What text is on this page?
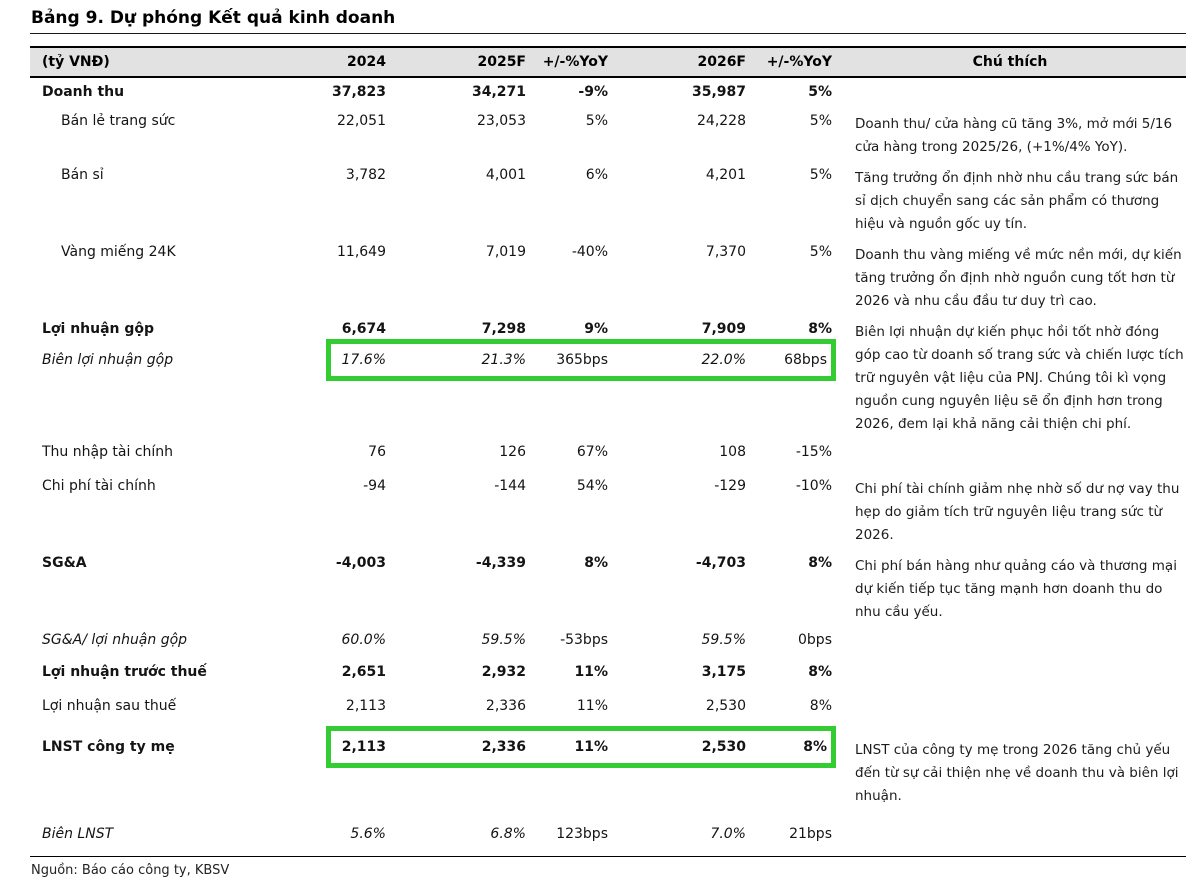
Bảng 9. Dự phóng Kết quả kinh doanh
(tỷ VNĐ)	2024	2025F	+/-%YoY	2026F	+/-%YoY	Chú thích
Doanh thu	37,823	34,271	-9%	35,987	5%	
Bán lẻ trang sức	22,051	23,053	5%	24,228	5%	Doanh thu/ cửa hàng cũ tăng 3%, mở mới 5/16 cửa hàng trong 2025/26, (+1%/4% YoY).
Bán sỉ	3,782	4,001	6%	4,201	5%	Tăng trưởng ổn định nhờ nhu cầu trang sức bán sỉ dịch chuyển sang các sản phẩm có thương hiệu và nguồn gốc uy tín.
Vàng miếng 24K	11,649	7,019	-40%	7,370	5%	Doanh thu vàng miếng về mức nền mới, dự kiến tăng trưởng ổn định nhờ nguồn cung tốt hơn từ 2026 và nhu cầu đầu tư duy trì cao.
Lợi nhuận gộp	6,674	7,298	9%	7,909	8%	Biên lợi nhuận dự kiến phục hồi tốt nhờ đóng góp cao từ doanh số trang sức và chiến lược tích trữ nguyên vật liệu của PNJ. Chúng tôi kì vọng nguồn cung nguyên liệu sẽ ổn định hơn trong 2026, đem lại khả năng cải thiện chi phí.
Biên lợi nhuận gộp	17.6%	21.3%	365bps	22.0%	68bps	

Thu nhập tài chính	76	126	67%	108	-15%	
Chi phí tài chính	-94	-144	54%	-129	-10%	Chi phí tài chính giảm nhẹ nhờ số dư nợ vay thu hẹp do giảm tích trữ nguyên liệu trang sức từ 2026.
SG&A	-4,003	-4,339	8%	-4,703	8%	Chi phí bán hàng như quảng cáo và thương mại dự kiến tiếp tục tăng mạnh hơn doanh thu do nhu cầu yếu.
SG&A/ lợi nhuận gộp	60.0%	59.5%	-53bps	59.5%	0bps	
Lợi nhuận trước thuế	2,651	2,932	11%	3,175	8%	
Lợi nhuận sau thuế	2,113	2,336	11%	2,530	8%	
LNST công ty mẹ	2,113	2,336	11%	2,530	8%	LNST của công ty mẹ trong 2026 tăng chủ yếu đến từ sự cải thiện nhẹ về doanh thu và biên lợi nhuận.
Biên LNST	5.6%	6.8%	123bps	7.0%	21bps	
Nguồn: Báo cáo công ty, KBSV
